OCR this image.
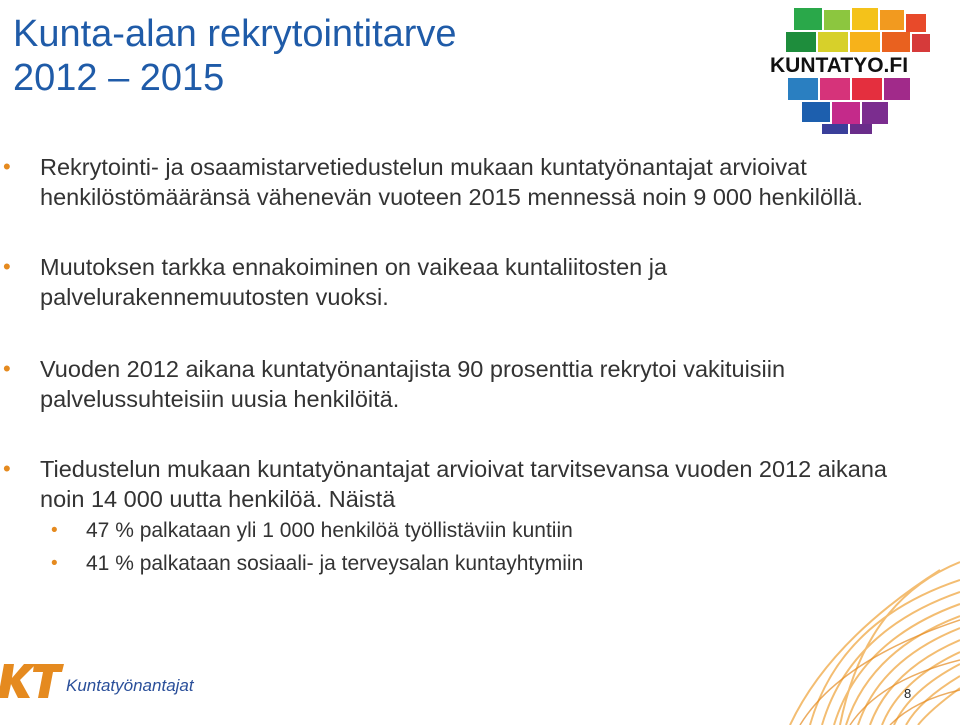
Kunta-alan rekrytointitarve
2012 – 2015	KUNTATYO.FI
• Rekrytointi- ja osaamistarvetiedustelun mukaan kuntatyönantajat arvioivat henkilöstömääränsä vähenevän vuoteen 2015 mennessä noin 9 000 henkilöllä.
• Muutoksen tarkka ennakoiminen on vaikeaa kuntaliitosten ja palvelurakennemuutosten vuoksi.
• Vuoden 2012 aikana kuntatyönantajista 90 prosenttia rekrytoi vakituisiin palvelussuhteisiin uusia henkilöitä.
• Tiedustelun mukaan kuntatyönantajat arvioivat tarvitsevansa vuoden 2012 aikana noin 14 000 uutta henkilöä. Näistä
• 47 % palkataan yli 1 000 henkilöä työllistäviin kuntiin
• 41 % palkataan sosiaali- ja terveysalan kuntayhtymiin
KT
Kuntatyönantajat	8
